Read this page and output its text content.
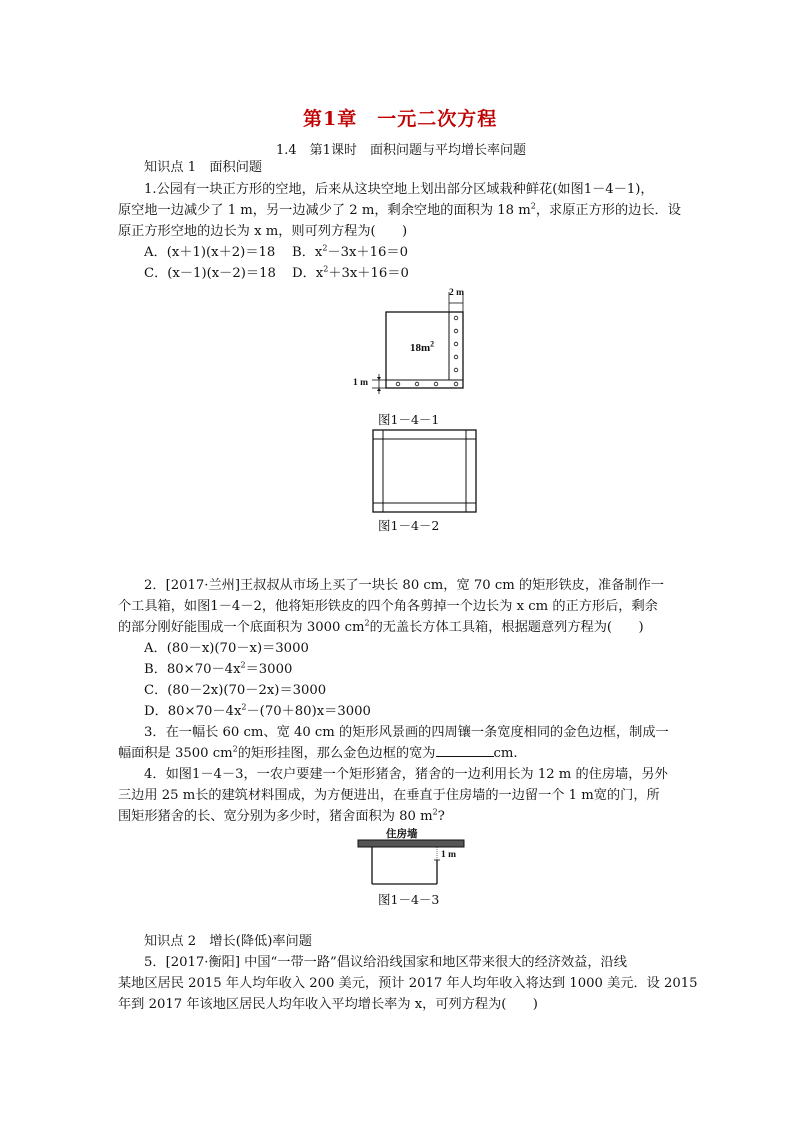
第1章　一元二次方程
1.4　第1课时　面积问题与平均增长率问题
知识点 1　面积问题
1.公园有一块正方形的空地，后来从这块空地上划出部分区域栽种鲜花(如图1－4－1)，
原空地一边减少了 1 m，另一边减少了 2 m，剩余空地的面积为 18 $m^2$，求原正方形的边长．设
原正方形空地的边长为 x m，则可列方程为(　　)
A．(x＋1)(x＋2)＝18 B．$x^2-3x+16=0$
C．(x－1)(x－2)＝18 D．$x^2+3x+16=0$
2 m
$18m^2$
1 m
图1－4－1
图1－4－2
2．[2017·兰州]王叔叔从市场上买了一块长 80 cm，宽 70 cm 的矩形铁皮，准备制作一
个工具箱，如图1－4－2，他将矩形铁皮的四个角各剪掉一个边长为 x cm 的正方形后，剩余
的部分刚好能围成一个底面积为 3000 $cm^2$的无盖长方体工具箱，根据题意列方程为(　　)
A．(80－x)(70－x)＝3000
B．$80\times 70-4x^2=3000$
C．(80－2x)(70－2x)＝3000
D．$80\times 70-4x^2-(70+80)x=3000$
3．在一幅长 60 cm、宽 40 cm 的矩形风景画的四周镶一条宽度相同的金色边框，制成一
幅面积是 3500 $cm^2$的矩形挂图，那么金色边框的宽为	cm.
4．如图1－4－3，一农户要建一个矩形猪舍，猪舍的一边利用长为 12 m 的住房墙，另外
三边用 25 m长的建筑材料围成，为方便进出，在垂直于住房墙的一边留一个 1 m宽的门，所
围矩形猪舍的长、宽分别为多少时，猪舍面积为 80 $m^2$?
住房墙
1 m
图1－4－3
知识点 2　增长(降低)率问题
5．[2017·衡阳] 中国“一带一路”倡议给沿线国家和地区带来很大的经济效益，沿线
某地区居民 2015 年人均年收入 200 美元，预计 2017 年人均年收入将达到 1000 美元．设 2015
年到 2017 年该地区居民人均年收入平均增长率为 x，可列方程为(　　)
